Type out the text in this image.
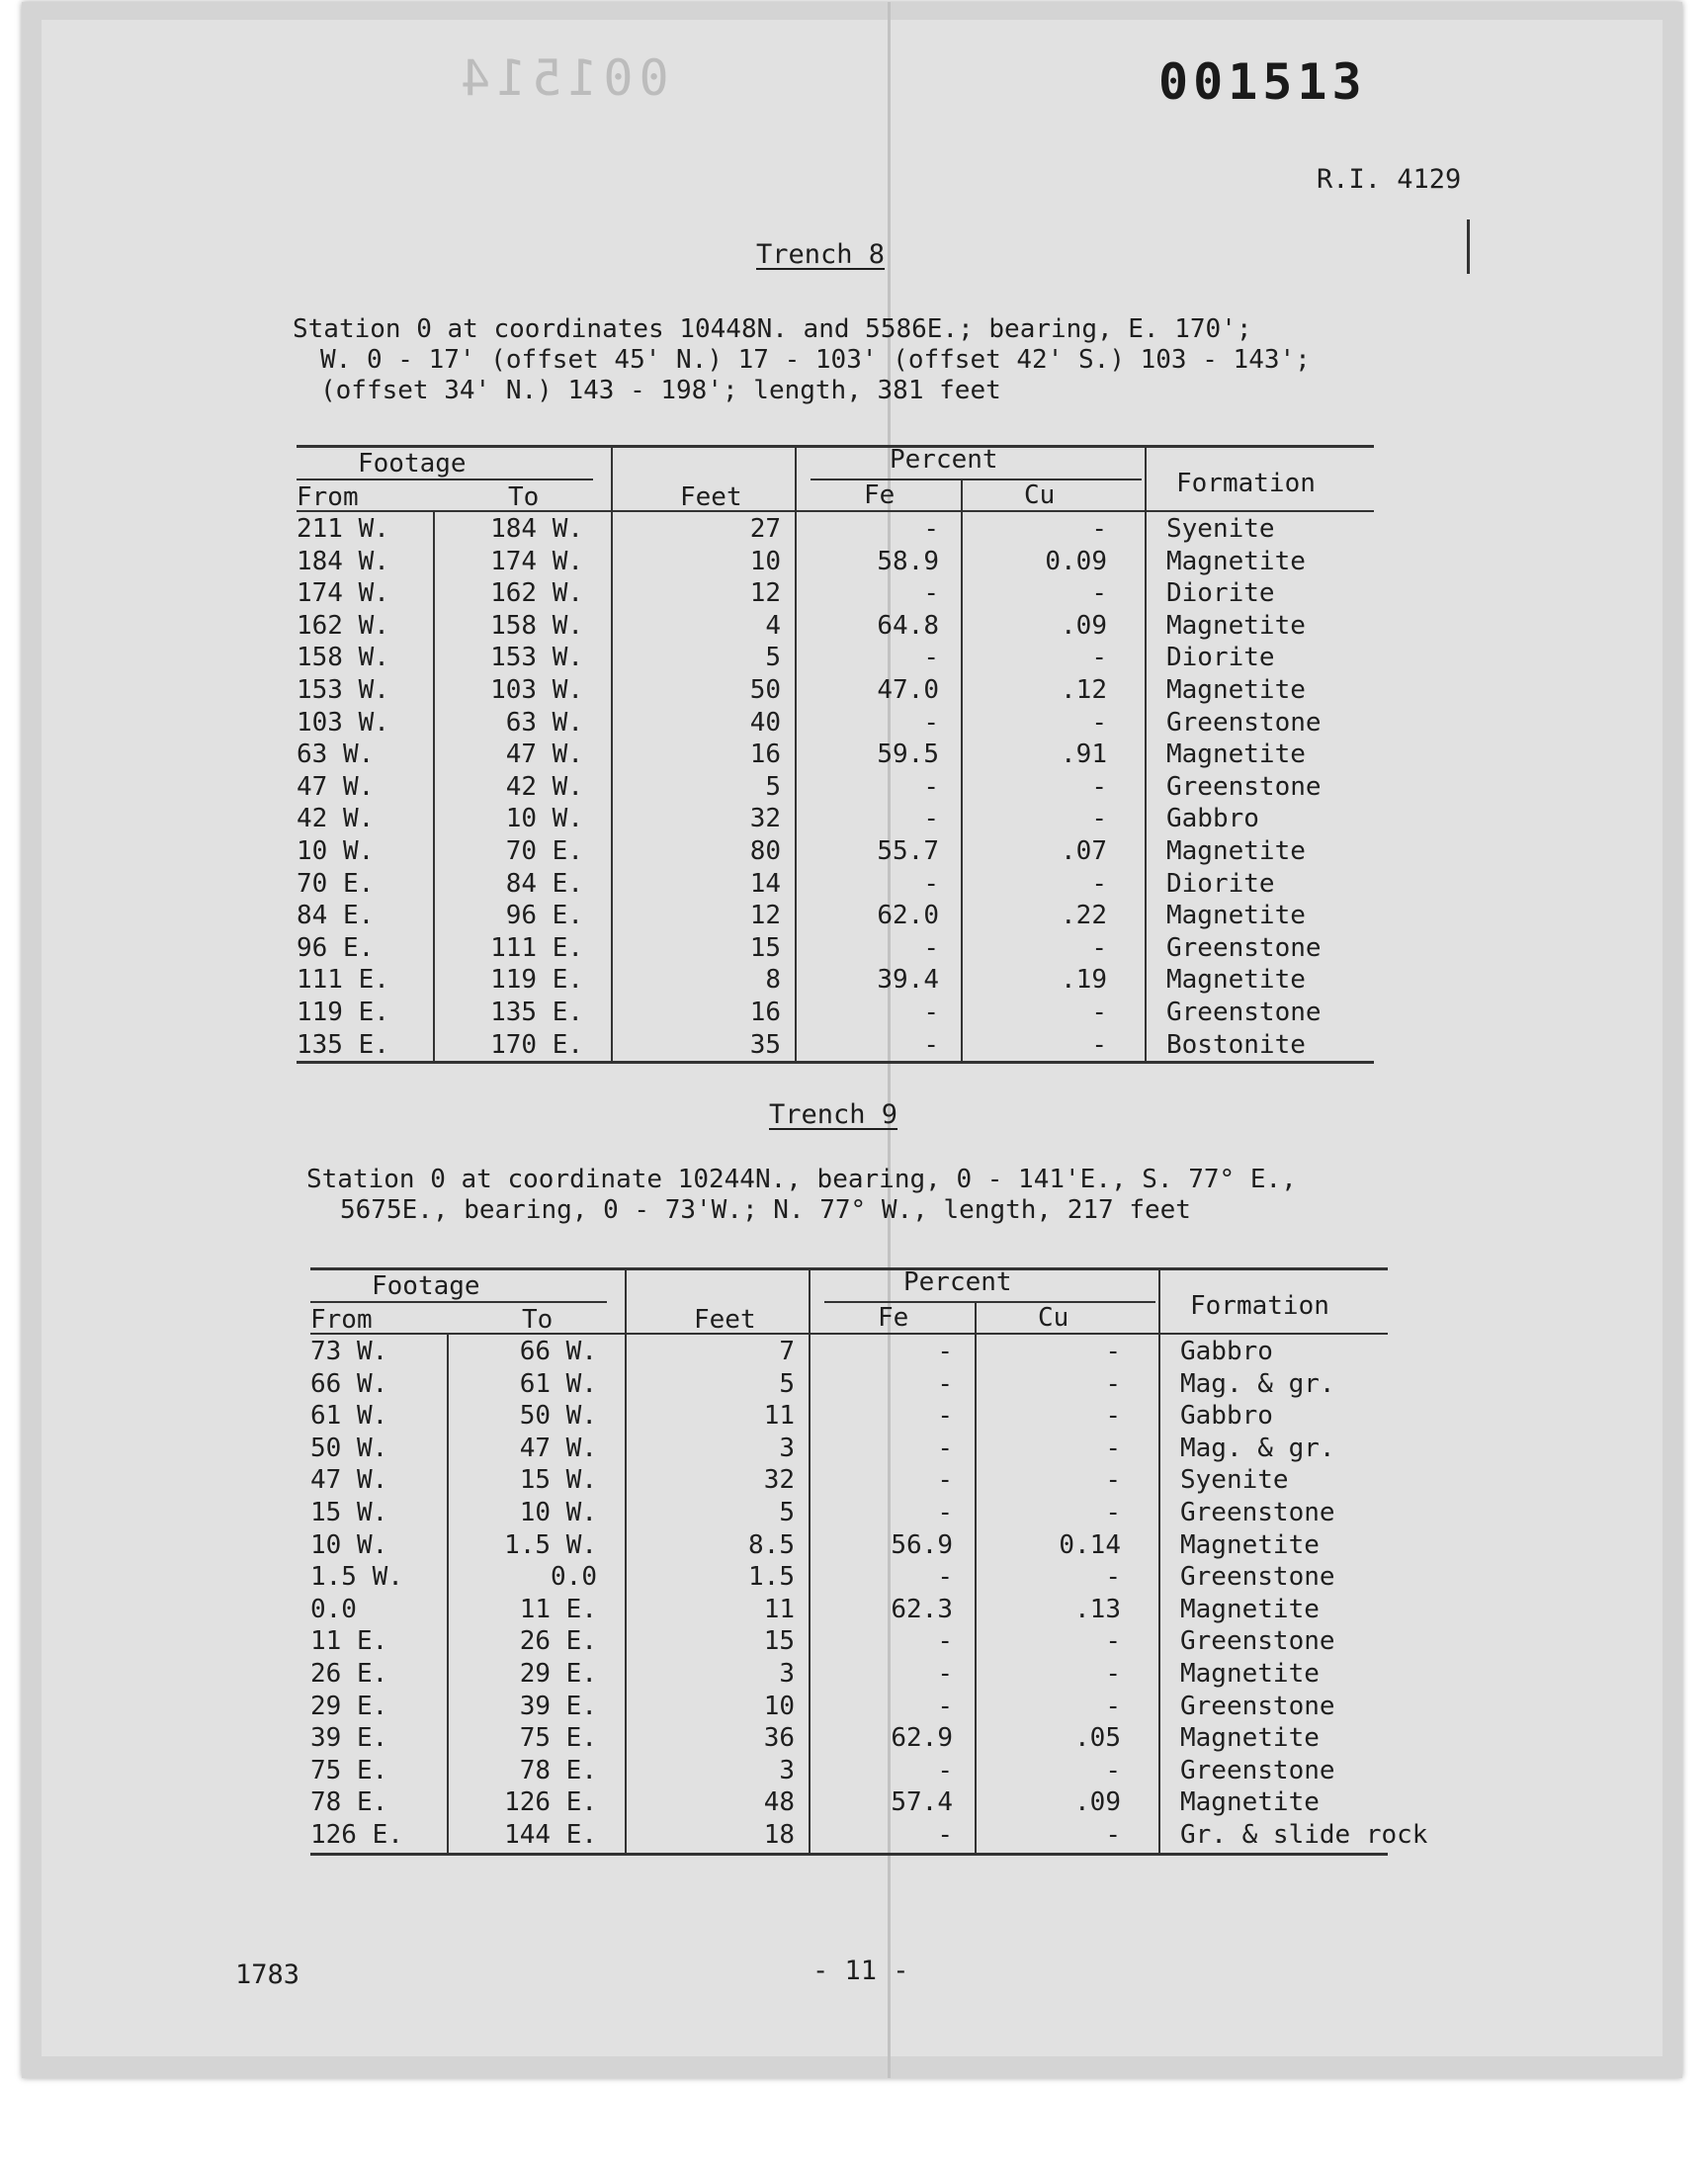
001514	001513
R.I. 4129
Trench 8
Station 0 at coordinates 10448N. and 5586E.; bearing, E. 170';
W. 0 - 17' (offset 45' N.) 17 - 103' (offset 42' S.) 103 - 143';
(offset 34' N.) 143 - 198'; length, 381 feet
Footage	Percent
From	To	Feet	Fe	Cu	Formation
211 W.	184 W.	27	-	- Syenite
184 W.	174 W.	10	58.9	0.09 Magnetite
174 W.	162 W.	12	-	- Diorite
162 W.	158 W.	4	64.8	.09 Magnetite
158 W.	153 W.	5	-	- Diorite
153 W.	103 W.	50	47.0	.12 Magnetite
103 W.	63 W.	40	-	- Greenstone
63 W.	47 W.	16	59.5	.91 Magnetite
47 W.	42 W.	5	-	- Greenstone
42 W.	10 W.	32	-	- Gabbro
10 W.	70 E.	80	55.7	.07 Magnetite
70 E.	84 E.	14	-	- Diorite
84 E.	96 E.	12	62.0	.22 Magnetite
96 E.	111 E.	15	-	- Greenstone
111 E.	119 E.	8	39.4	.19 Magnetite
119 E.	135 E.	16	-	- Greenstone
135 E.	170 E.	35	-	- Bostonite
Trench 9
Station 0 at coordinate 10244N., bearing, 0 - 141'E., S. 77° E.,
5675E., bearing, 0 - 73'W.; N. 77° W., length, 217 feet
Footage	Percent
From	To	Feet	Fe	Cu	Formation
73 W.	66 W.	7	-	- Gabbro
66 W.	61 W.	5	-	- Mag. & gr.
61 W.	50 W.	11	-	- Gabbro
50 W.	47 W.	3	-	- Mag. & gr.
47 W.	15 W.	32	-	- Syenite
15 W.	10 W.	5	-	- Greenstone
10 W.	1.5 W.	8.5	56.9	0.14 Magnetite
1.5 W.	0.0	1.5	-	- Greenstone
0.0	11 E.	11	62.3	.13 Magnetite
11 E.	26 E.	15	-	- Greenstone
26 E.	29 E.	3	-	- Magnetite
29 E.	39 E.	10	-	- Greenstone
39 E.	75 E.	36	62.9	.05 Magnetite
75 E.	78 E.	3	-	- Greenstone
78 E.	126 E.	48	57.4	.09 Magnetite
126 E.	144 E.	18	-	- Gr. & slide rock
1783	- 11 -
